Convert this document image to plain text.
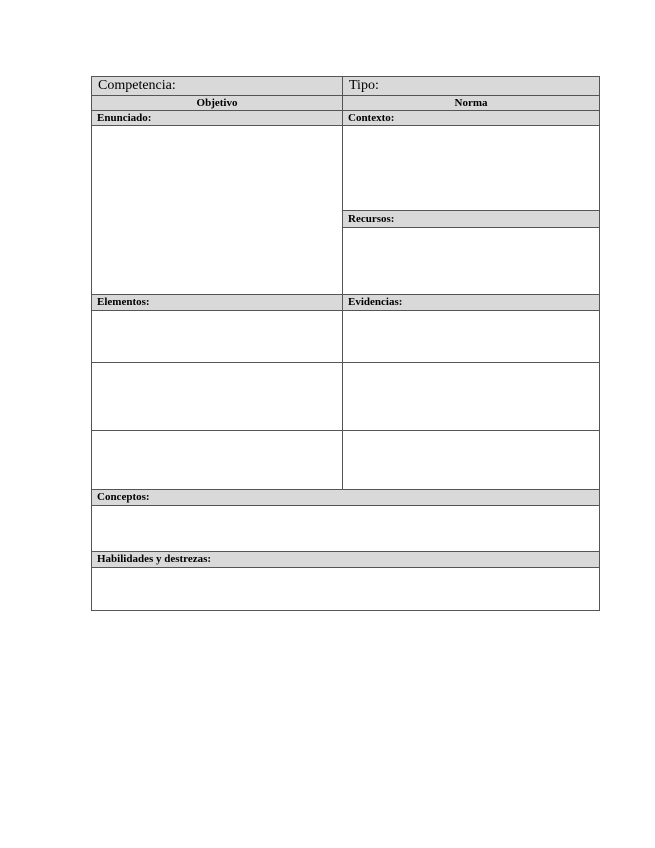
Competencia:	Tipo:
Objetivo	Norma
Enunciado:	Contexto:
Recursos:
Elementos:	Evidencias:
Conceptos:
Habilidades y destrezas:
